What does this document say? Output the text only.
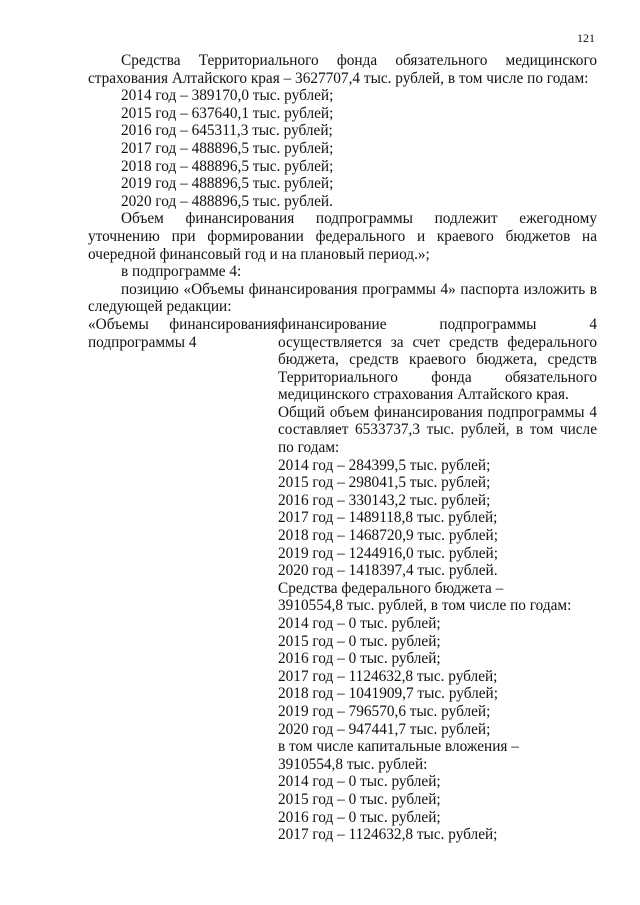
121
Средства Территориального фонда обязательного медицинского страхования Алтайского края – 3627707,4 тыс. рублей, в том числе по годам:
2014 год – 389170,0 тыс. рублей;
2015 год – 637640,1 тыс. рублей;
2016 год – 645311,3 тыс. рублей;
2017 год – 488896,5 тыс. рублей;
2018 год – 488896,5 тыс. рублей;
2019 год – 488896,5 тыс. рублей;
2020 год – 488896,5 тыс. рублей.
Объем финансирования подпрограммы подлежит ежегодному уточнению при формировании федерального и краевого бюджетов на очередной финансовый год и на плановый период.»;
в подпрограмме 4:
позицию «Объемы финансирования программы 4» паспорта изложить в следующей редакции:
«Объемы финансирования подпрограммы 4
финансирование подпрограммы 4 осуществляется за счет средств федерального бюджета, средств краевого бюджета, средств Территориального фонда обязательного медицинского страхования Алтайского края.
Общий объем финансирования подпрограммы 4 составляет 6533737,3 тыс. рублей, в том числе по годам:
2014 год – 284399,5 тыс. рублей;
2015 год – 298041,5 тыс. рублей;
2016 год – 330143,2 тыс. рублей;
2017 год – 1489118,8 тыс. рублей;
2018 год – 1468720,9 тыс. рублей;
2019 год – 1244916,0 тыс. рублей;
2020 год – 1418397,4 тыс. рублей.
Средства федерального бюджета –
3910554,8 тыс. рублей, в том числе по годам:
2014 год – 0 тыс. рублей;
2015 год – 0 тыс. рублей;
2016 год – 0 тыс. рублей;
2017 год – 1124632,8 тыс. рублей;
2018 год – 1041909,7 тыс. рублей;
2019 год – 796570,6 тыс. рублей;
2020 год – 947441,7 тыс. рублей;
в том числе капитальные вложения –
3910554,8 тыс. рублей:
2014 год – 0 тыс. рублей;
2015 год – 0 тыс. рублей;
2016 год – 0 тыс. рублей;
2017 год – 1124632,8 тыс. рублей;
